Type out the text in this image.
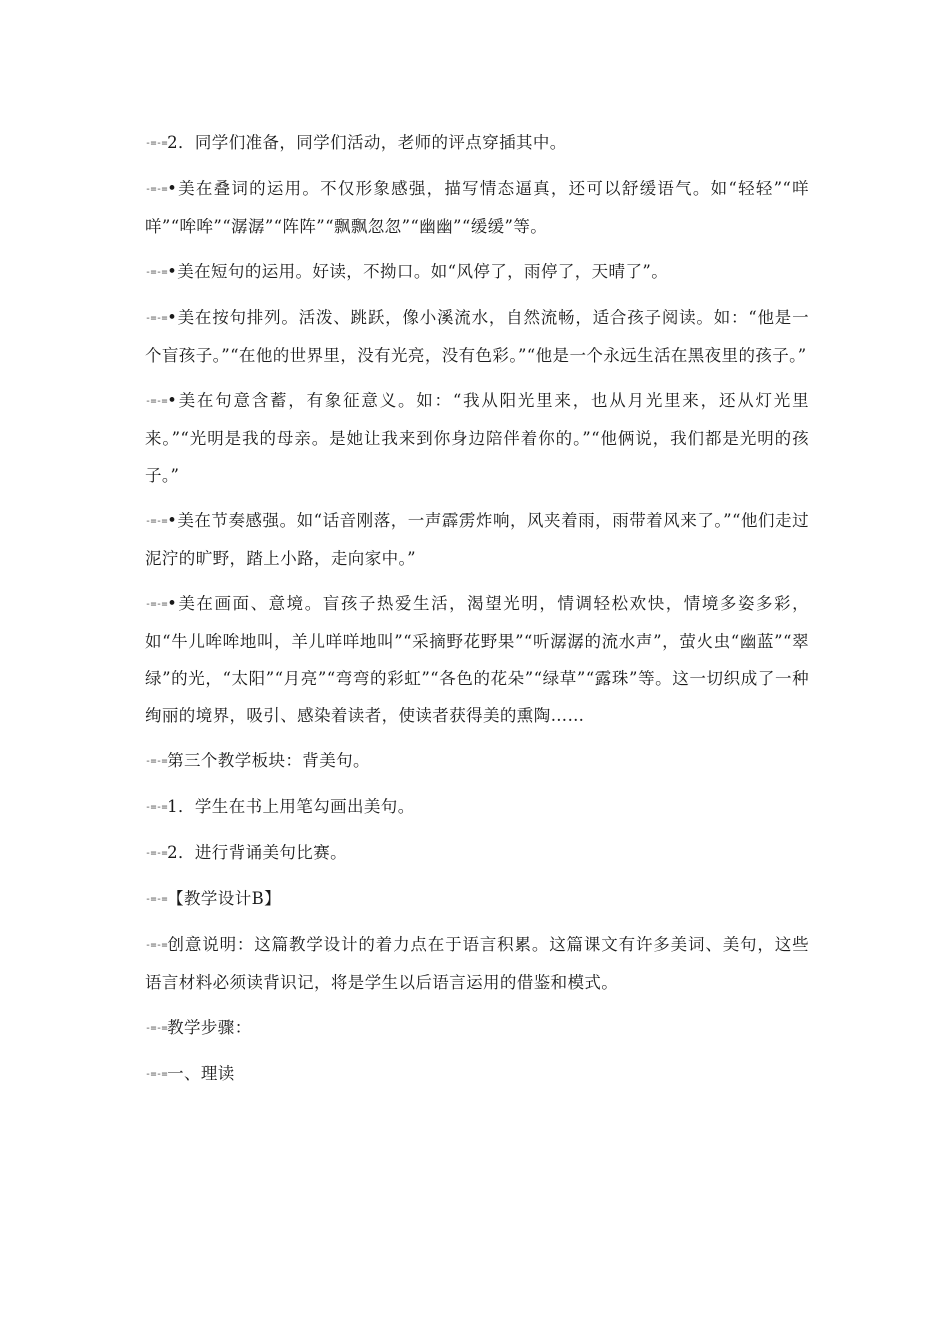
-=-=2．同学们准备，同学们活动，老师的评点穿插其中。

-=-=•美在叠词的运用。不仅形象感强，描写情态逼真，还可以舒缓语气。如“轻轻”“咩咩”“哞哞”“潺潺”“阵阵”“飘飘忽忽”“幽幽”“缓缓”等。

-=-=•美在短句的运用。好读，不拗口。如“风停了，雨停了，天晴了”。

-=-=•美在按句排列。活泼、跳跃，像小溪流水，自然流畅，适合孩子阅读。如：“他是一个盲孩子。”“在他的世界里，没有光亮，没有色彩。”“他是一个永远生活在黑夜里的孩子。”

-=-=•美在句意含蓄，有象征意义。如：“我从阳光里来，也从月光里来，还从灯光里来。”“光明是我的母亲。是她让我来到你身边陪伴着你的。”“他俩说，我们都是光明的孩子。”

-=-=•美在节奏感强。如“话音刚落，一声霹雳炸响，风夹着雨，雨带着风来了。”“他们走过泥泞的旷野，踏上小路，走向家中。”

-=-=•美在画面、意境。盲孩子热爱生活，渴望光明，情调轻松欢快，情境多姿多彩，如“牛儿哞哞地叫，羊儿咩咩地叫”“采摘野花野果”“听潺潺的流水声”，萤火虫“幽蓝”“翠绿”的光，“太阳”“月亮”“弯弯的彩虹”“各色的花朵”“绿草”“露珠”等。这一切织成了一种绚丽的境界，吸引、感染着读者，使读者获得美的熏陶……

-=-=第三个教学板块：背美句。

-=-=1．学生在书上用笔勾画出美句。

-=-=2．进行背诵美句比赛。

-=-=【教学设计B】

-=-=创意说明：这篇教学设计的着力点在于语言积累。这篇课文有许多美词、美句，这些语言材料必须读背识记，将是学生以后语言运用的借鉴和模式。

-=-=教学步骤：

-=-=一、理读
